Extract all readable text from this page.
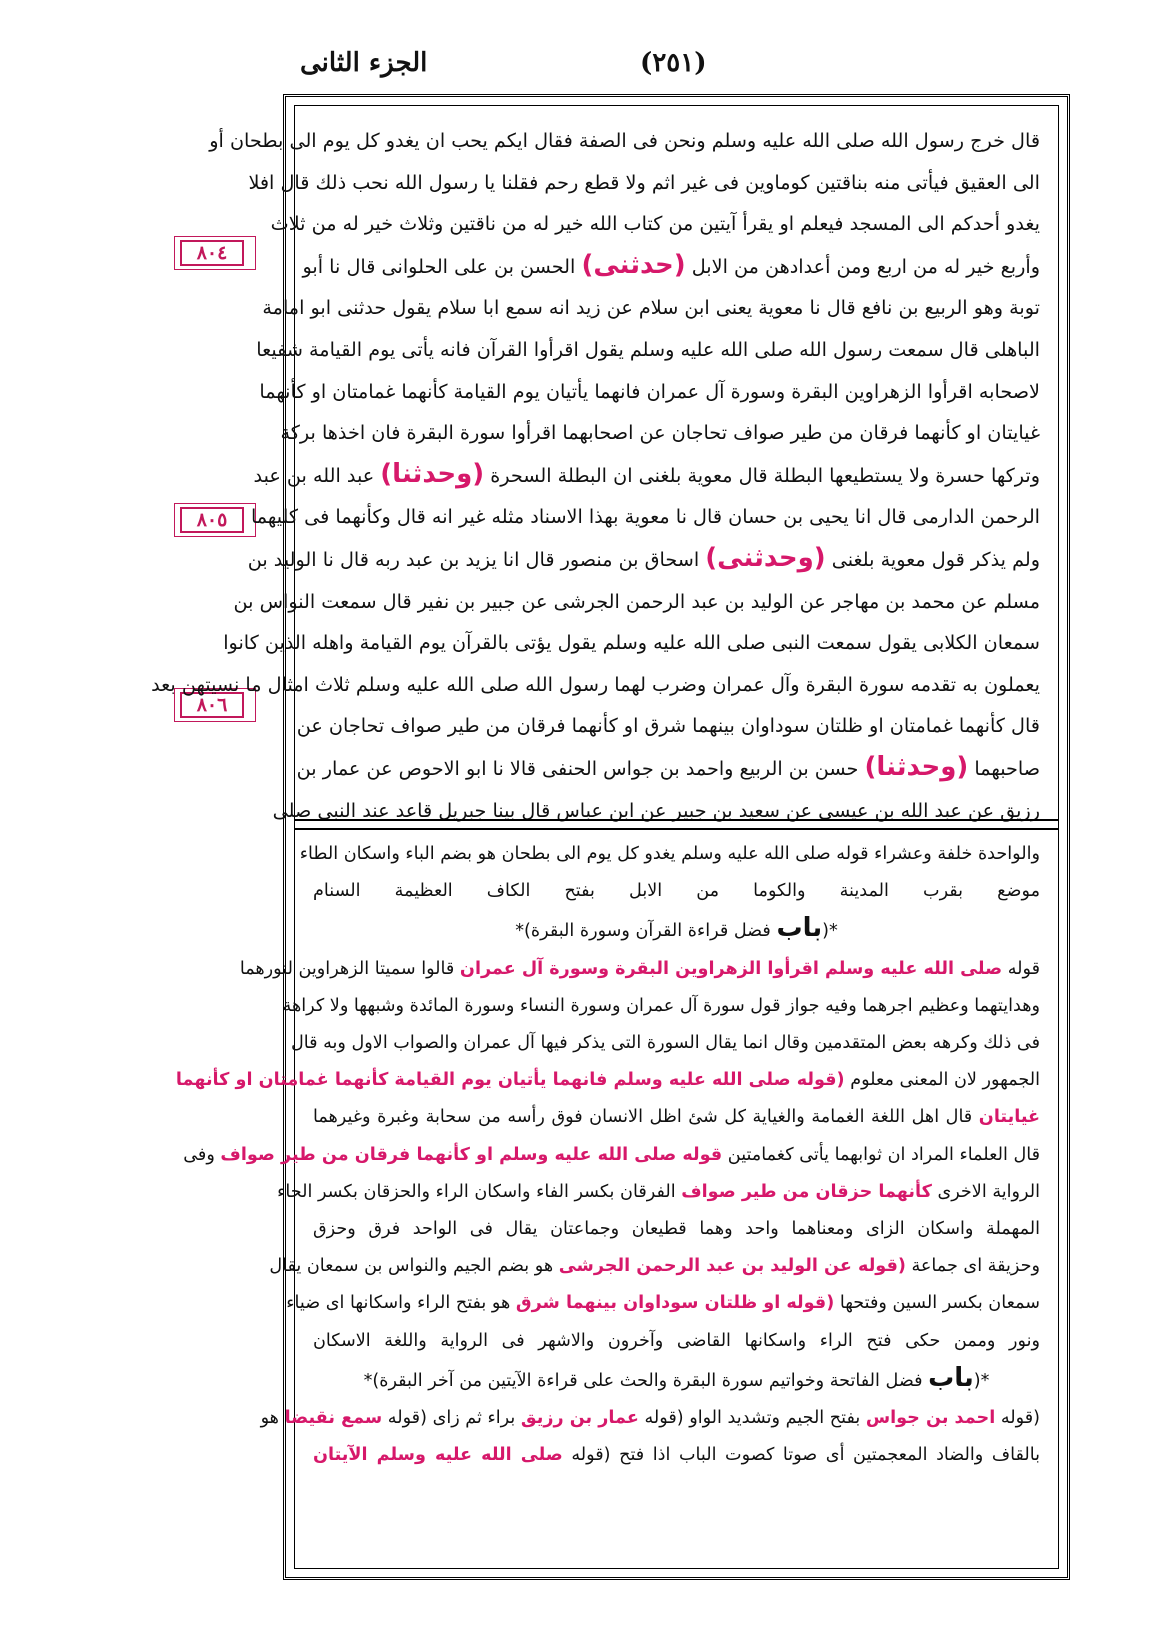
الجزء الثانى	(٢٥١)
٨٠٤
٨٠٥
٨٠٦
قال خرج رسول الله صلى الله عليه وسلم ونحن فى الصفة فقال ايكم يحب ان يغدو كل يوم الى بطحان أو
الى العقيق فيأتى منه بناقتين كوماوين فى غير اثم ولا قطع رحم فقلنا يا رسول الله نحب ذلك قال افلا
يغدو أحدكم الى المسجد فيعلم او يقرأ آيتين من كتاب الله خير له من ناقتين وثلاث خير له من ثلاث
وأربع خير له من اربع ومن أعدادهن من الابل (حدثنى) الحسن بن على الحلوانى قال نا أبو
توبة وهو الربيع بن نافع قال نا معوية يعنى ابن سلام عن زيد انه سمع ابا سلام يقول حدثنى ابو امامة
الباهلى قال سمعت رسول الله صلى الله عليه وسلم يقول اقرأوا القرآن فانه يأتى يوم القيامة شفيعا
لاصحابه اقرأوا الزهراوين البقرة وسورة آل عمران فانهما يأتيان يوم القيامة كأنهما غمامتان او كأنهما
غيايتان او كأنهما فرقان من طير صواف تحاجان عن اصحابهما اقرأوا سورة البقرة فان اخذها بركة
وتركها حسرة ولا يستطيعها البطلة قال معوية بلغنى ان البطلة السحرة (وحدثنا) عبد الله بن عبد
الرحمن الدارمى قال انا يحيى بن حسان قال نا معوية بهذا الاسناد مثله غير انه قال وكأنهما فى كليهما
ولم يذكر قول معوية بلغنى (وحدثنى) اسحاق بن منصور قال انا يزيد بن عبد ربه قال نا الوليد بن
مسلم عن محمد بن مهاجر عن الوليد بن عبد الرحمن الجرشى عن جبير بن نفير قال سمعت النواس بن
سمعان الكلابى يقول سمعت النبى صلى الله عليه وسلم يقول يؤتى بالقرآن يوم القيامة واهله الذين كانوا
يعملون به تقدمه سورة البقرة وآل عمران وضرب لهما رسول الله صلى الله عليه وسلم ثلاث امثال ما نسيتهن بعد
قال كأنهما غمامتان او ظلتان سوداوان بينهما شرق او كأنهما فرقان من طير صواف تحاجان عن
صاحبهما (وحدثنا) حسن بن الربيع واحمد بن جواس الحنفى قالا نا ابو الاحوص عن عمار بن
رزيق عن عبد الله بن عيسى عن سعيد بن جبير عن ابن عباس قال بينا جبريل قاعد عند النبى صلى
والواحدة خلفة وعشراء قوله صلى الله عليه وسلم يغدو كل يوم الى بطحان هو بضم الباء واسكان الطاء
موضع بقرب المدينة والكوما من الابل بفتح الكاف العظيمة السنام
*(باب فضل قراءة القرآن وسورة البقرة)*
قوله صلى الله عليه وسلم اقرأوا الزهراوين البقرة وسورة آل عمران قالوا سميتا الزهراوين لنورهما
وهدايتهما وعظيم اجرهما وفيه جواز قول سورة آل عمران وسورة النساء وسورة المائدة وشبهها ولا كراهة
فى ذلك وكرهه بعض المتقدمين وقال انما يقال السورة التى يذكر فيها آل عمران والصواب الاول وبه قال
الجمهور لان المعنى معلوم (قوله صلى الله عليه وسلم فانهما يأتيان يوم القيامة كأنهما غمامتان او كأنهما
غيايتان قال اهل اللغة الغمامة والغياية كل شئ اظل الانسان فوق رأسه من سحابة وغبرة وغيرهما
قال العلماء المراد ان ثوابهما يأتى كغمامتين قوله صلى الله عليه وسلم او كأنهما فرقان من طير صواف وفى
الرواية الاخرى كأنهما حزقان من طير صواف الفرقان بكسر الفاء واسكان الراء والحزقان بكسر الحاء
المهملة واسكان الزاى ومعناهما واحد وهما قطيعان وجماعتان يقال فى الواحد فرق وحزق
وحزيقة اى جماعة (قوله عن الوليد بن عبد الرحمن الجرشى هو بضم الجيم والنواس بن سمعان يقال
سمعان بكسر السين وفتحها (قوله او ظلتان سوداوان بينهما شرق هو بفتح الراء واسكانها اى ضياء
ونور وممن حكى فتح الراء واسكانها القاضى وآخرون والاشهر فى الرواية واللغة الاسكان
*(باب فضل الفاتحة وخواتيم سورة البقرة والحث على قراءة الآيتين من آخر البقرة)*
(قوله احمد بن جواس بفتح الجيم وتشديد الواو (قوله عمار بن رزيق براء ثم زاى (قوله سمع نقيضا هو
بالقاف والضاد المعجمتين أى صوتا كصوت الباب اذا فتح (قوله صلى الله عليه وسلم الآيتان
